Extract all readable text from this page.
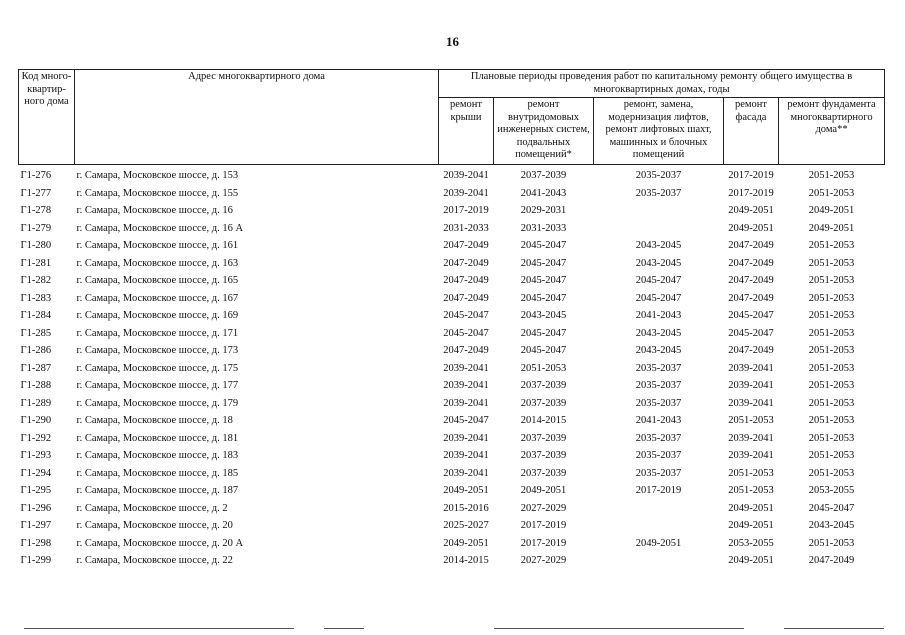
16
Код много-квартир-ного дома	Адрес многоквартирного дома	Плановые периоды проведения работ по капитальному ремонту общего имущества в многоквартирных домах, годы				
		ремонт крыши	ремонт внутридомовых инженерных систем, подвальных помещений*	ремонт, замена, модернизация лифтов, ремонт лифтовых шахт, машинных и блочных помещений	ремонт фасада	ремонт фундамента многоквартирного дома**
Г1-276	г. Самара, Московское шоссе, д. 153	2039-2041	2037-2039	2035-2037	2017-2019	2051-2053
Г1-277	г. Самара, Московское шоссе, д. 155	2039-2041	2041-2043	2035-2037	2017-2019	2051-2053
Г1-278	г. Самара, Московское шоссе, д. 16	2017-2019	2029-2031		2049-2051	2049-2051
Г1-279	г. Самара, Московское шоссе, д. 16 А	2031-2033	2031-2033		2049-2051	2049-2051
Г1-280	г. Самара, Московское шоссе, д. 161	2047-2049	2045-2047	2043-2045	2047-2049	2051-2053
Г1-281	г. Самара, Московское шоссе, д. 163	2047-2049	2045-2047	2043-2045	2047-2049	2051-2053
Г1-282	г. Самара, Московское шоссе, д. 165	2047-2049	2045-2047	2045-2047	2047-2049	2051-2053
Г1-283	г. Самара, Московское шоссе, д. 167	2047-2049	2045-2047	2045-2047	2047-2049	2051-2053
Г1-284	г. Самара, Московское шоссе, д. 169	2045-2047	2043-2045	2041-2043	2045-2047	2051-2053
Г1-285	г. Самара, Московское шоссе, д. 171	2045-2047	2045-2047	2043-2045	2045-2047	2051-2053
Г1-286	г. Самара, Московское шоссе, д. 173	2047-2049	2045-2047	2043-2045	2047-2049	2051-2053
Г1-287	г. Самара, Московское шоссе, д. 175	2039-2041	2051-2053	2035-2037	2039-2041	2051-2053
Г1-288	г. Самара, Московское шоссе, д. 177	2039-2041	2037-2039	2035-2037	2039-2041	2051-2053
Г1-289	г. Самара, Московское шоссе, д. 179	2039-2041	2037-2039	2035-2037	2039-2041	2051-2053
Г1-290	г. Самара, Московское шоссе, д. 18	2045-2047	2014-2015	2041-2043	2051-2053	2051-2053
Г1-292	г. Самара, Московское шоссе, д. 181	2039-2041	2037-2039	2035-2037	2039-2041	2051-2053
Г1-293	г. Самара, Московское шоссе, д. 183	2039-2041	2037-2039	2035-2037	2039-2041	2051-2053
Г1-294	г. Самара, Московское шоссе, д. 185	2039-2041	2037-2039	2035-2037	2051-2053	2051-2053
Г1-295	г. Самара, Московское шоссе, д. 187	2049-2051	2049-2051	2017-2019	2051-2053	2053-2055
Г1-296	г. Самара, Московское шоссе, д. 2	2015-2016	2027-2029		2049-2051	2045-2047
Г1-297	г. Самара, Московское шоссе, д. 20	2025-2027	2017-2019		2049-2051	2043-2045
Г1-298	г. Самара, Московское шоссе, д. 20 А	2049-2051	2017-2019	2049-2051	2053-2055	2051-2053
Г1-299	г. Самара, Московское шоссе, д. 22	2014-2015	2027-2029		2049-2051	2047-2049
